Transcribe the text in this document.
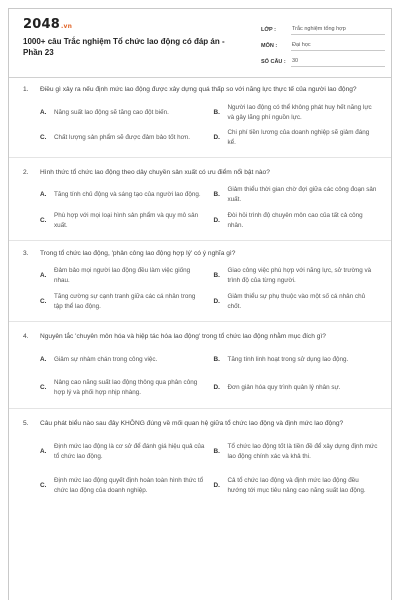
2048.vn
1000+ câu Trắc nghiệm Tổ chức lao động có đáp án - Phần 23
LỚP :	Trắc nghiệm tổng hợp
MÔN :	Đại học
SỐ CÂU :	30
1.	Điều gì xảy ra nếu định mức lao động được xây dựng quá thấp so với năng lực thực tế của người lao động?
A.	Năng suất lao động sẽ tăng cao đột biến.	B.
Người lao động có thể không phát huy hết năng lực và gây lãng phí nguồn lực.
C.	Chất lượng sản phẩm sẽ được đảm bảo tốt hơn.	D.
Chi phí tiền lương của doanh nghiệp sẽ giảm đáng kể.
2.	Hình thức tổ chức lao động theo dây chuyền sản xuất có ưu điểm nổi bật nào?
A.	Tăng tính chủ động và sáng tạo của người lao động.	B.
Giảm thiểu thời gian chờ đợi giữa các công đoạn sản xuất.
C.
Phù hợp với mọi loại hình sản phẩm và quy mô sản xuất.
D.
Đòi hỏi trình độ chuyên môn cao của tất cả công nhân.
3.	Trong tổ chức lao động, 'phân công lao động hợp lý' có ý nghĩa gì?
A.
Đảm bảo mọi người lao động đều làm việc giống nhau.
B.
Giao công việc phù hợp với năng lực, sở trường và trình độ của từng người.
C.
Tăng cường sự cạnh tranh giữa các cá nhân trong tập thể lao động.
D.
Giảm thiểu sự phụ thuộc vào một số cá nhân chủ chốt.
4.	Nguyên tắc 'chuyên môn hóa và hiệp tác hóa lao động' trong tổ chức lao động nhằm mục đích gì?
A.	Giảm sự nhàm chán trong công việc.	B.	Tăng tính linh hoạt trong sử dụng lao động.
C.
Nâng cao năng suất lao động thông qua phân công hợp lý và phối hợp nhịp nhàng.
D.	Đơn giản hóa quy trình quản lý nhân sự.
5.	Câu phát biểu nào sau đây KHÔNG đúng về mối quan hệ giữa tổ chức lao động và định mức lao động?
A.
Định mức lao động là cơ sở để đánh giá hiệu quả của tổ chức lao động.
B.
Tổ chức lao động tốt là tiền đề để xây dựng định mức lao động chính xác và khả thi.
C.
Định mức lao động quyết định hoàn toàn hình thức tổ chức lao động của doanh nghiệp.
D.
Cả tổ chức lao động và định mức lao động đều hướng tới mục tiêu nâng cao năng suất lao động.
